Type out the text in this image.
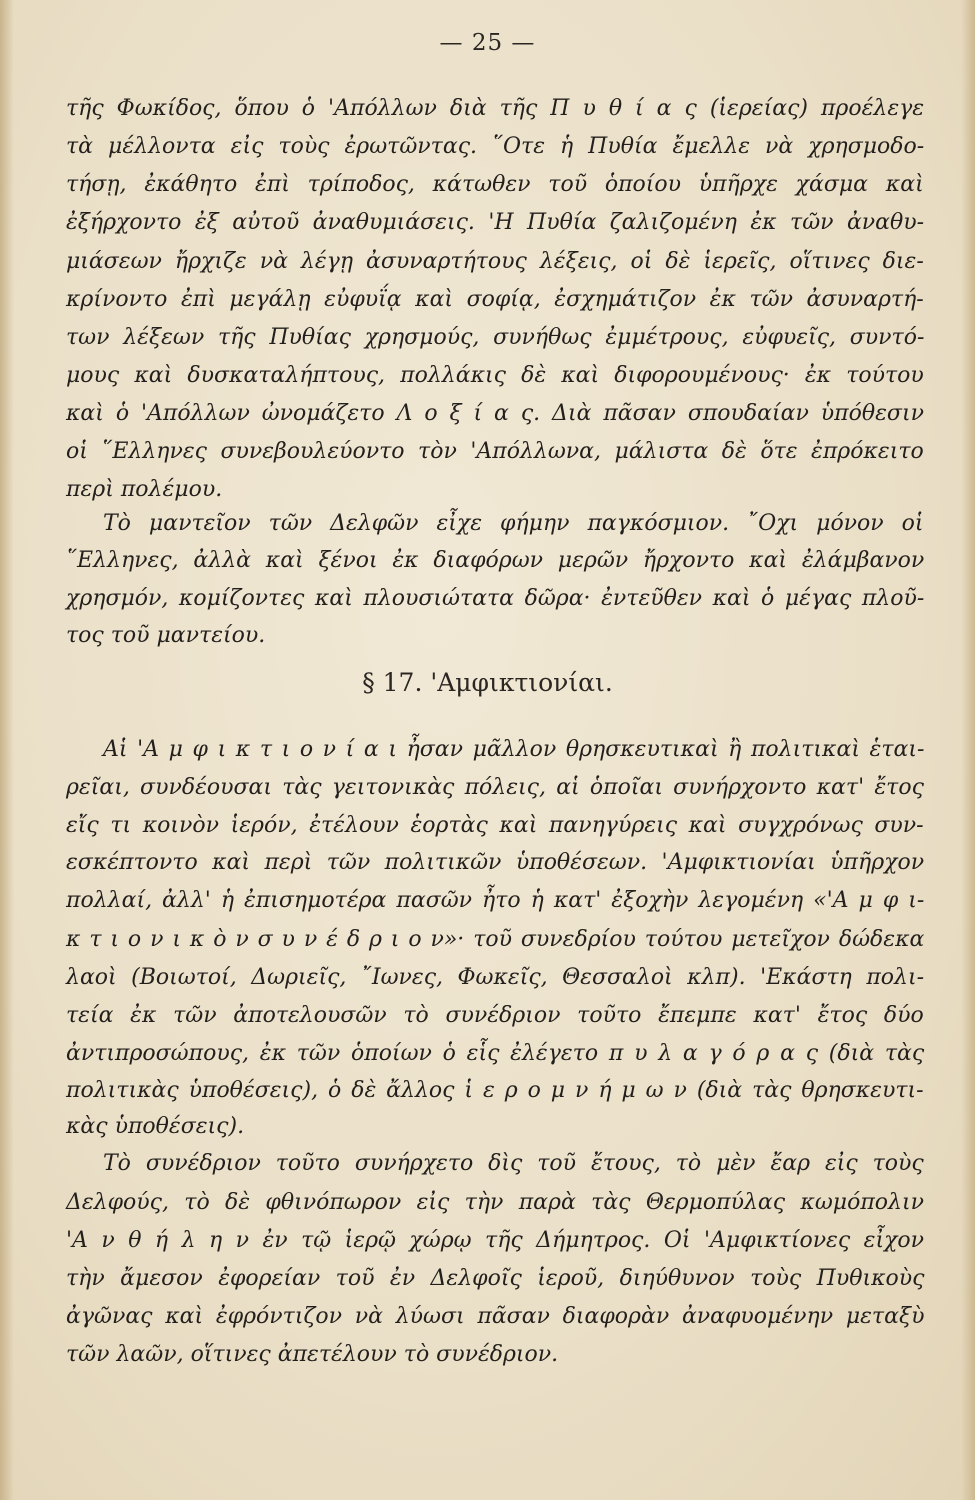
— 25 —
τῆς Φωκίδος, ὅπου ὁ 'Απόλλων διὰ τῆς Π υ θ ί α ς (ἱερείας) προέλεγε
τὰ μέλλοντα εἰς τοὺς ἐρωτῶντας. ῞Οτε ἡ Πυθία ἔμελλε νὰ χρησμοδο-
τήσῃ, ἐκάθητο ἐπὶ τρίποδος, κάτωθεν τοῦ ὁποίου ὑπῆρχε χάσμα καὶ
ἐξήρχοντο ἐξ αὐτοῦ ἀναθυμιάσεις. 'Η Πυθία ζαλιζομένη ἐκ τῶν ἀναθυ-
μιάσεων ἤρχιζε νὰ λέγῃ ἀσυναρτήτους λέξεις, οἱ δὲ ἱερεῖς, οἵτινες διε-
κρίνοντο ἐπὶ μεγάλῃ εὐφυΐᾳ καὶ σοφίᾳ, ἐσχημάτιζον ἐκ τῶν ἀσυναρτή-
των λέξεων τῆς Πυθίας χρησμούς, συνήθως ἐμμέτρους, εὐφυεῖς, συντό-
μους καὶ δυσκαταλήπτους, πολλάκις δὲ καὶ διφορουμένους· ἐκ τούτου
καὶ ὁ 'Απόλλων ὠνομάζετο Λ ο ξ ί α ς. Διὰ πᾶσαν σπουδαίαν ὑπόθεσιν
οἱ ῞Ελληνες συνεβουλεύοντο τὸν 'Απόλλωνα, μάλιστα δὲ ὅτε ἐπρόκειτο
περὶ πολέμου.
Τὸ μαντεῖον τῶν Δελφῶν εἶχε φήμην παγκόσμιον. ῎Οχι μόνον οἱ
῞Ελληνες, ἀλλὰ καὶ ξένοι ἐκ διαφόρων μερῶν ἤρχοντο καὶ ἐλάμβανον
χρησμόν, κομίζοντες καὶ πλουσιώτατα δῶρα· ἐντεῦθεν καὶ ὁ μέγας πλοῦ-
τος τοῦ μαντείου.
§ 17. 'Αμφικτιονίαι.
Αἱ 'Α μ φ ι κ τ ι ο ν ί α ι ἦσαν μᾶλλον θρησκευτικαὶ ἢ πολιτικαὶ ἑται-
ρεῖαι, συνδέουσαι τὰς γειτονικὰς πόλεις, αἱ ὁποῖαι συνήρχοντο κατ' ἔτος
εἴς τι κοινὸν ἱερόν, ἐτέλουν ἑορτὰς καὶ πανηγύρεις καὶ συγχρόνως συν-
εσκέπτοντο καὶ περὶ τῶν πολιτικῶν ὑποθέσεων. 'Αμφικτιονίαι ὑπῆρχον
πολλαί, ἀλλ' ἡ ἐπισημοτέρα πασῶν ἦτο ἡ κατ' ἐξοχὴν λεγομένη «'Α μ φ ι-
κ τ ι ο ν ι κ ὸ ν σ υ ν έ δ ρ ι ο ν»· τοῦ συνεδρίου τούτου μετεῖχον δώδεκα
λαοὶ (Βοιωτοί, Δωριεῖς, ῎Ιωνες, Φωκεῖς, Θεσσαλοὶ κλπ). 'Εκάστη πολι-
τεία ἐκ τῶν ἀποτελουσῶν τὸ συνέδριον τοῦτο ἔπεμπε κατ' ἔτος δύο
ἀντιπροσώπους, ἐκ τῶν ὁποίων ὁ εἷς ἐλέγετο π υ λ α γ ό ρ α ς (διὰ τὰς
πολιτικὰς ὑποθέσεις), ὁ δὲ ἄλλος ἱ ε ρ ο μ ν ή μ ω ν (διὰ τὰς θρησκευτι-
κὰς ὑποθέσεις).
Τὸ συνέδριον τοῦτο συνήρχετο δὶς τοῦ ἔτους, τὸ μὲν ἔαρ εἰς τοὺς
Δελφούς, τὸ δὲ φθινόπωρον εἰς τὴν παρὰ τὰς Θερμοπύλας κωμόπολιν
'Α ν θ ή λ η ν ἐν τῷ ἱερῷ χώρῳ τῆς Δήμητρος. Οἱ 'Αμφικτίονες εἶχον
τὴν ἄμεσον ἐφορείαν τοῦ ἐν Δελφοῖς ἱεροῦ, διηύθυνον τοὺς Πυθικοὺς
ἀγῶνας καὶ ἐφρόντιζον νὰ λύωσι πᾶσαν διαφορὰν ἀναφυομένην μεταξὺ
τῶν λαῶν, οἵτινες ἀπετέλουν τὸ συνέδριον.
